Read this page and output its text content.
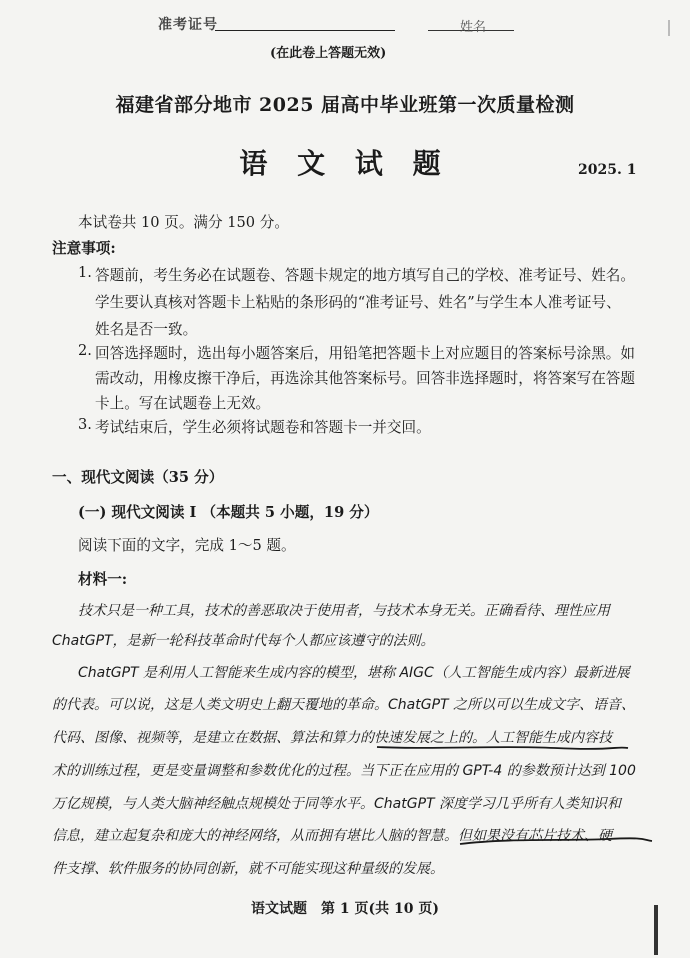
准考证号	姓名
(在此卷上答题无效)
福建省部分地市 2025 届高中毕业班第一次质量检测
语 文 试 题	2025. 1
本试卷共 10 页。满分 150 分。
注意事项:
1. 答题前，考生务必在试题卷、答题卡规定的地方填写自己的学校、准考证号、姓名。
学生要认真核对答题卡上粘贴的条形码的“准考证号、姓名”与学生本人准考证号、
姓名是否一致。
2. 回答选择题时，选出每小题答案后，用铅笔把答题卡上对应题目的答案标号涂黑。如
需改动，用橡皮擦干净后，再选涂其他答案标号。回答非选择题时，将答案写在答题
卡上。写在试题卷上无效。
3. 考试结束后，学生必须将试题卷和答题卡一并交回。
一、现代文阅读（35 分）
(一) 现代文阅读 Ⅰ （本题共 5 小题，19 分）
阅读下面的文字，完成 1～5 题。
材料一:
技术只是一种工具，技术的善恶取决于使用者，与技术本身无关。正确看待、理性应用
ChatGPT，是新一轮科技革命时代每个人都应该遵守的法则。
ChatGPT 是利用人工智能来生成内容的模型，堪称 AIGC（人工智能生成内容）最新进展
的代表。可以说，这是人类文明史上翻天覆地的革命。ChatGPT 之所以可以生成文字、语音、
代码、图像、视频等，是建立在数据、算法和算力的快速发展之上的。人工智能生成内容技
术的训练过程，更是变量调整和参数优化的过程。当下正在应用的 GPT-4 的参数预计达到 100
万亿规模，与人类大脑神经触点规模处于同等水平。ChatGPT 深度学习几乎所有人类知识和
信息，建立起复杂和庞大的神经网络，从而拥有堪比人脑的智慧。但如果没有芯片技术、硬
件支撑、软件服务的协同创新，就不可能实现这种量级的发展。
语文试题　第 1 页(共 10 页)
